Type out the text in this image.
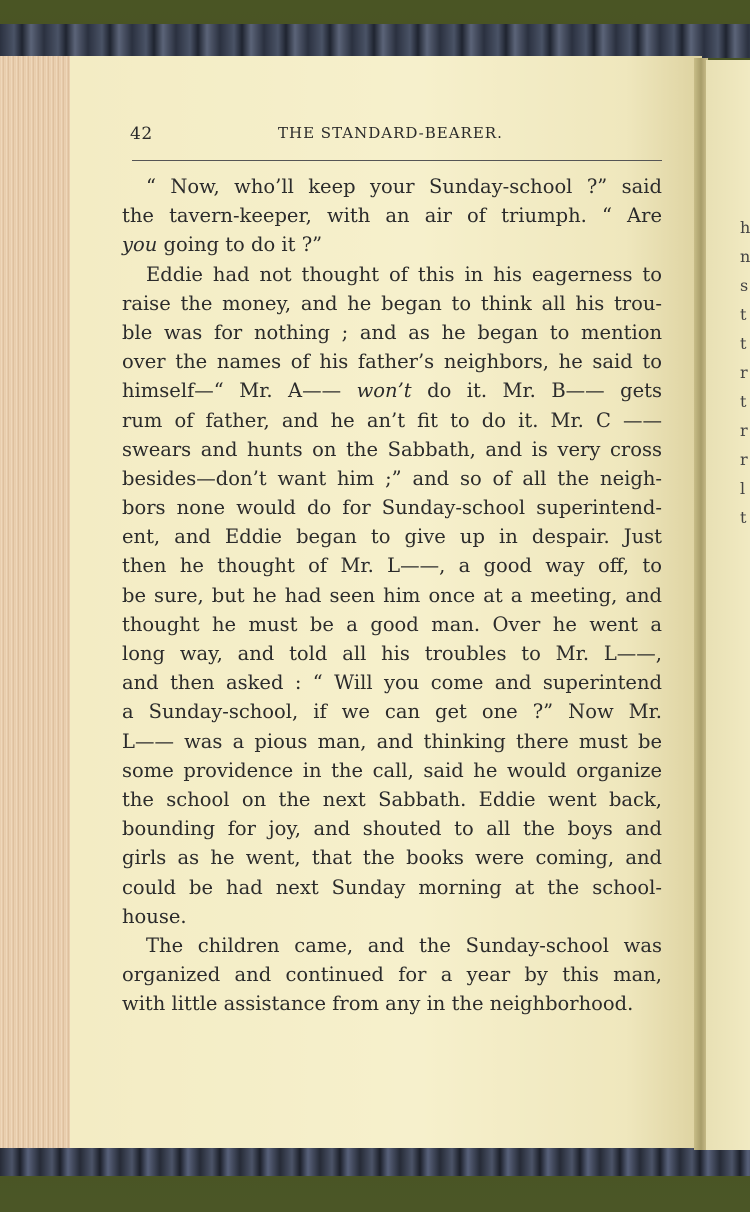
h
n
s
t
t
r
t
r
r
l
t
42	THE STANDARD-BEARER.
“ Now, who’ll keep your Sunday-school ?” said
the tavern-keeper, with an air of triumph. “ Are
you going to do it ?”
Eddie had not thought of this in his eagerness to
raise the money, and he began to think all his trou-
ble was for nothing ; and as he began to mention
over the names of his father’s neighbors, he said to
himself—“ Mr. A—— won’t do it. Mr. B—— gets
rum of father, and he an’t fit to do it. Mr. C ——
swears and hunts on the Sabbath, and is very cross
besides—don’t want him ;” and so of all the neigh-
bors none would do for Sunday-school superintend-
ent, and Eddie began to give up in despair. Just
then he thought of Mr. L——, a good way off, to
be sure, but he had seen him once at a meeting, and
thought he must be a good man. Over he went a
long way, and told all his troubles to Mr. L——,
and then asked : “ Will you come and superintend
a Sunday-school, if we can get one ?” Now Mr.
L—— was a pious man, and thinking there must be
some providence in the call, said he would organize
the school on the next Sabbath. Eddie went back,
bounding for joy, and shouted to all the boys and
girls as he went, that the books were coming, and
could be had next Sunday morning at the school-
house.
The children came, and the Sunday-school was
organized and continued for a year by this man,
with little assistance from any in the neighborhood.
